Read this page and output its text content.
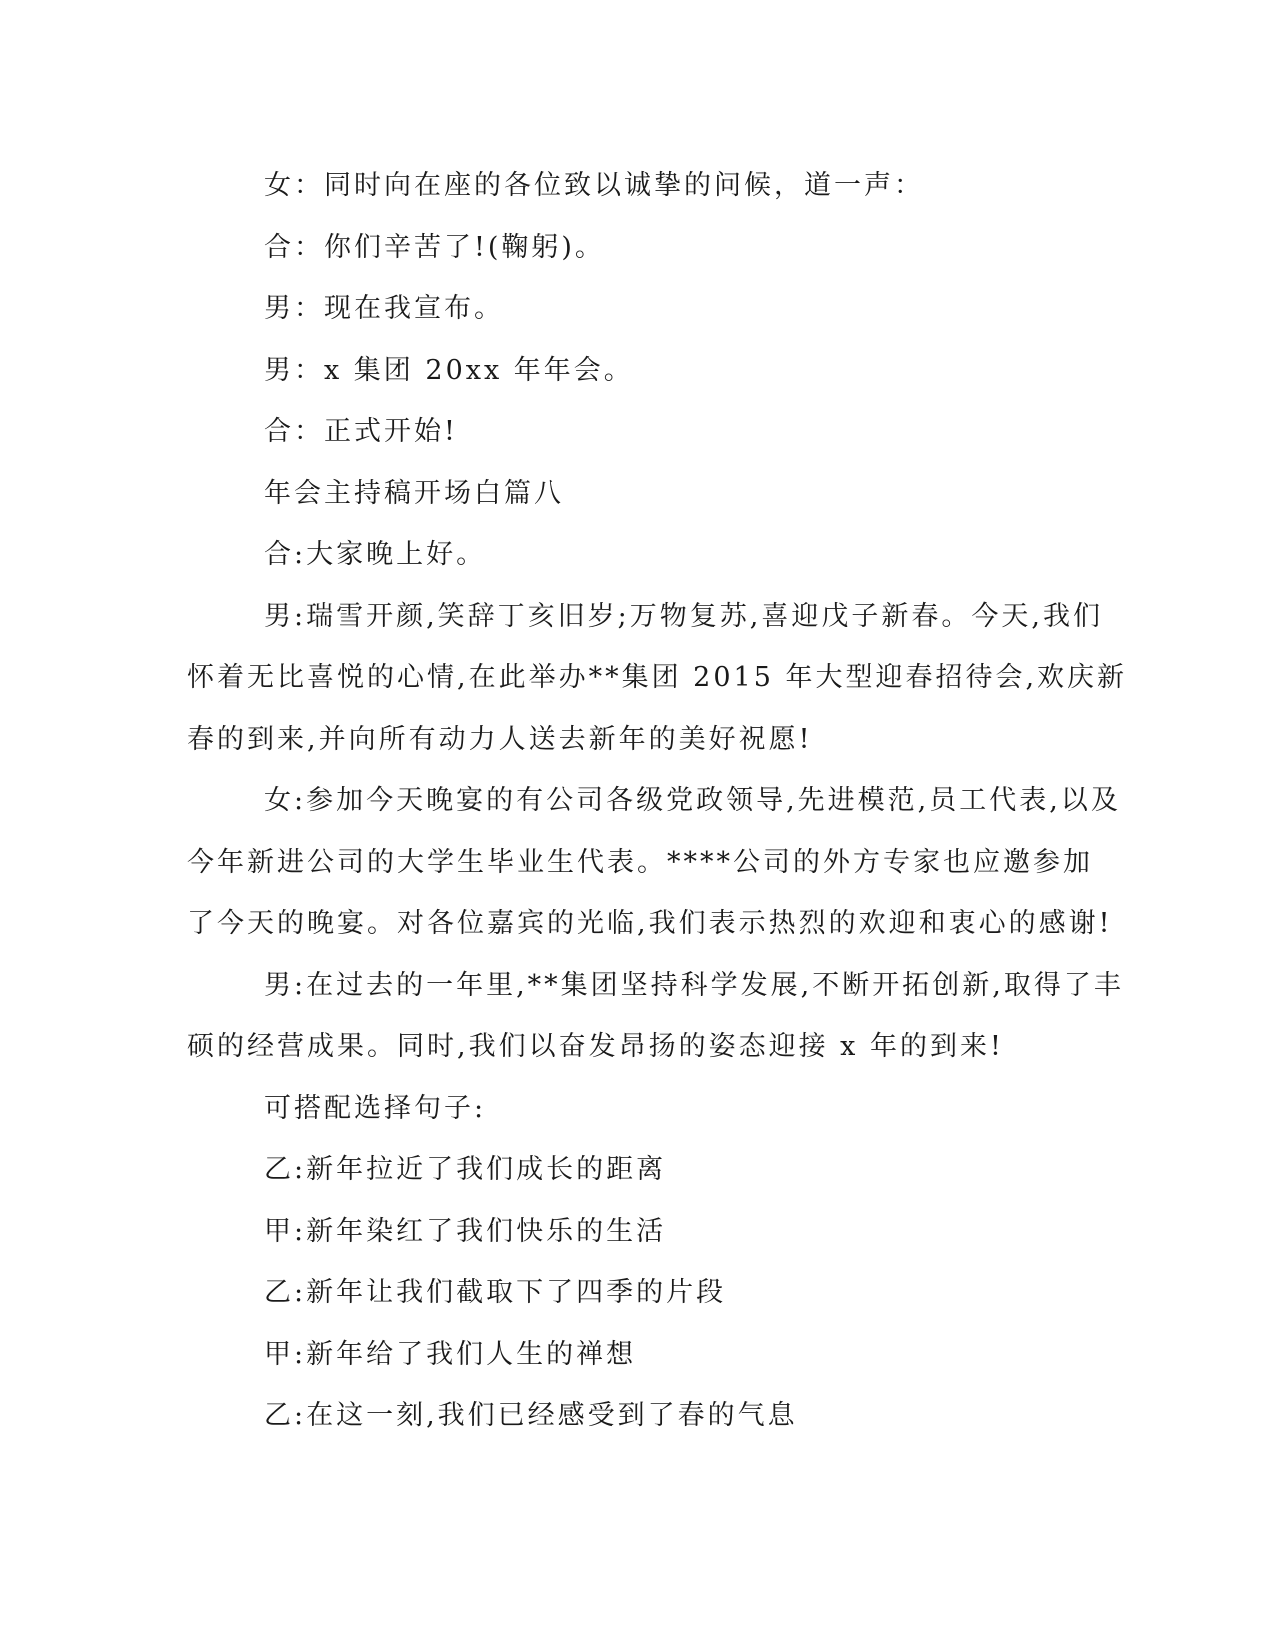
女：同时向在座的各位致以诚挚的问候，道一声：
合：你们辛苦了!(鞠躬)。
男：现在我宣布。
男：x 集团 20xx 年年会。
合：正式开始!
年会主持稿开场白篇八
合:大家晚上好。
男:瑞雪开颜,笑辞丁亥旧岁;万物复苏,喜迎戊子新春。今天,我们
怀着无比喜悦的心情,在此举办**集团 2015 年大型迎春招待会,欢庆新
春的到来,并向所有动力人送去新年的美好祝愿!
女:参加今天晚宴的有公司各级党政领导,先进模范,员工代表,以及
今年新进公司的大学生毕业生代表。****公司的外方专家也应邀参加
了今天的晚宴。对各位嘉宾的光临,我们表示热烈的欢迎和衷心的感谢!
男:在过去的一年里,**集团坚持科学发展,不断开拓创新,取得了丰
硕的经营成果。同时,我们以奋发昂扬的姿态迎接 x 年的到来!
可搭配选择句子:
乙:新年拉近了我们成长的距离
甲:新年染红了我们快乐的生活
乙:新年让我们截取下了四季的片段
甲:新年给了我们人生的禅想
乙:在这一刻,我们已经感受到了春的气息
